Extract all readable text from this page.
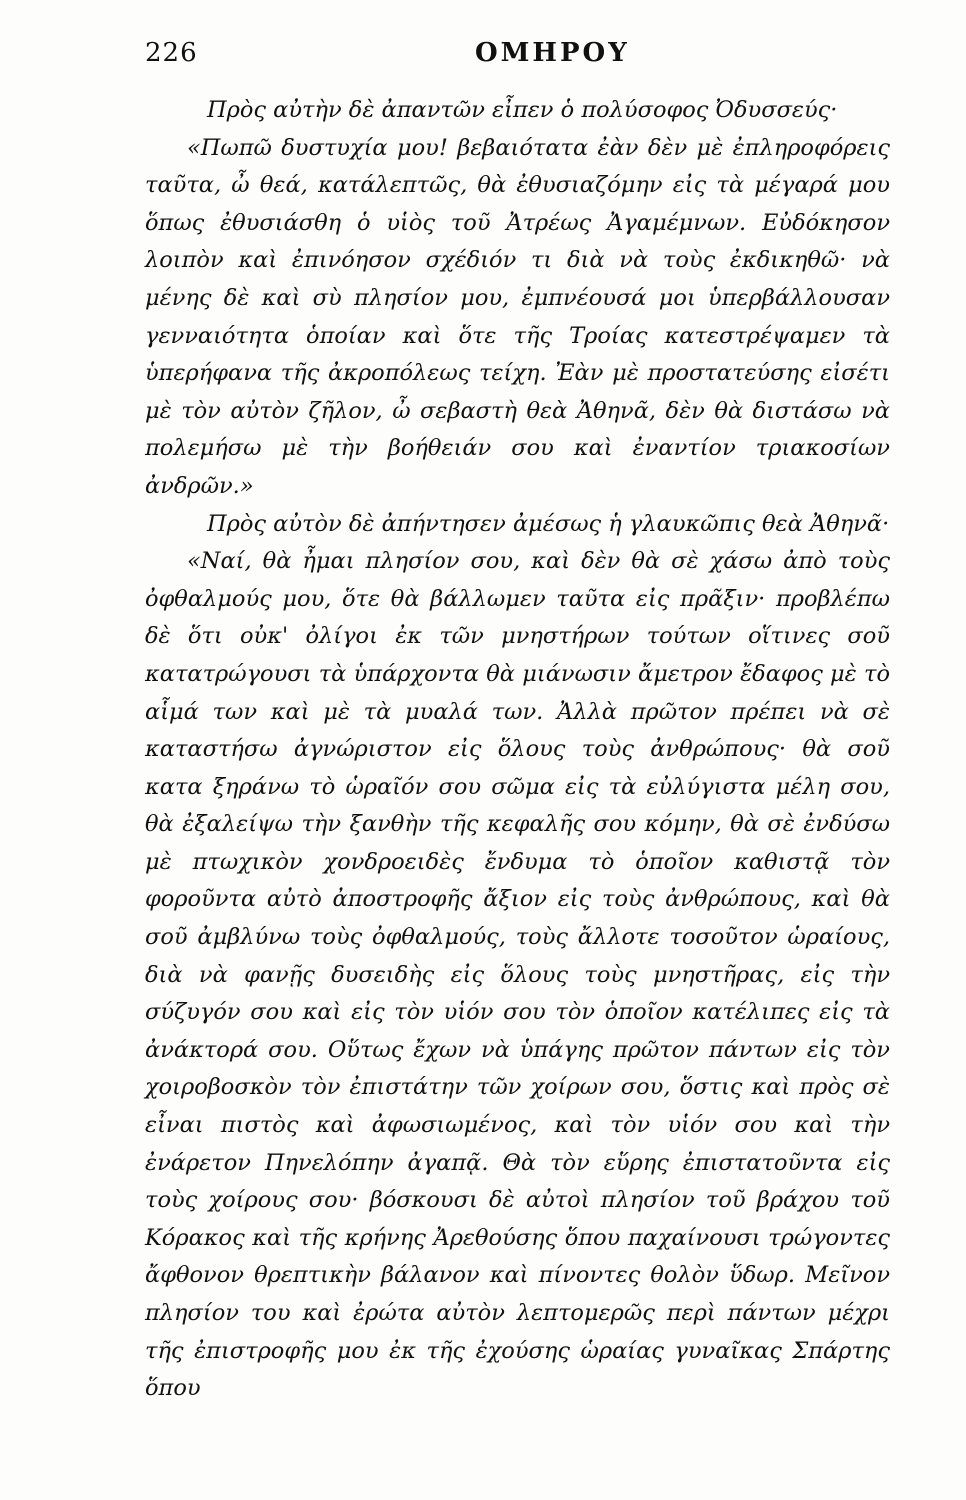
226	ΟΜΗΡΟΥ

Πρὸς αὐτὴν δὲ ἀπαντῶν εἶπεν ὁ πολύσοφος Ὀδυσσεύς·

«Πωπῶ δυστυχία μου! βεβαιότατα ἐὰν δὲν μὲ ἐπληροφόρεις ταῦτα, ὦ θεά, κατάλεπτῶς, θὰ ἐθυσιαζόμην εἰς τὰ μέγαρά μου ὅπως ἐθυσιάσθη ὁ υἱὸς τοῦ Ἀτρέως Ἀγαμέμνων. Εὐδόκησον λοιπὸν καὶ ἐπινόησον σχέδιόν τι διὰ νὰ τοὺς ἐκδικηθῶ· νὰ μένης δὲ καὶ σὺ πλησίον μου, ἐμπνέουσά μοι ὑπερβάλλουσαν γενναιότητα ὁποίαν καὶ ὅτε τῆς Τροίας κατεστρέψαμεν τὰ ὑπερήφανα τῆς ἀκροπόλεως τείχη. Ἐὰν μὲ προστατεύσης εἰσέτι μὲ τὸν αὐτὸν ζῆλον, ὦ σεβαστὴ θεὰ Ἀθηνᾶ, δὲν θὰ διστάσω νὰ πολεμήσω μὲ τὴν βοήθειάν σου καὶ ἐναντίον τριακοσίων ἀνδρῶν.»

Πρὸς αὐτὸν δὲ ἀπήντησεν ἀμέσως ἡ γλαυκῶπις θεὰ Ἀθηνᾶ·

«Ναί, θὰ ἦμαι πλησίον σου, καὶ δὲν θὰ σὲ χάσω ἀπὸ τοὺς ὀφθαλμούς μου, ὅτε θὰ βάλλωμεν ταῦτα εἰς πρᾶξιν· προβλέπω δὲ ὅτι οὐκ' ὀλίγοι ἐκ τῶν μνηστήρων τούτων οἵτινες σοῦ κατατρώγουσι τὰ ὑπάρχοντα θὰ μιάνωσιν ἄμετρον ἔδαφος μὲ τὸ αἷμά των καὶ μὲ τὰ μυαλά των. Ἀλλὰ πρῶτον πρέπει νὰ σὲ καταστήσω ἀγνώριστον εἰς ὅλους τοὺς ἀνθρώπους· θὰ σοῦ κατα ξηράνω τὸ ὡραῖόν σου σῶμα εἰς τὰ εὐλύγιστα μέλη σου, θὰ ἐξαλείψω τὴν ξανθὴν τῆς κεφαλῆς σου κόμην, θὰ σὲ ἐνδύσω μὲ πτωχικὸν χονδροειδὲς ἔνδυμα τὸ ὁποῖον καθιστᾷ τὸν φοροῦντα αὐτὸ ἀποστροφῆς ἄξιον εἰς τοὺς ἀνθρώπους, καὶ θὰ σοῦ ἀμβλύνω τοὺς ὀφθαλμούς, τοὺς ἄλλοτε τοσοῦτον ὡραίους, διὰ νὰ φανῇς δυσειδὴς εἰς ὅλους τοὺς μνηστῆρας, εἰς τὴν σύζυγόν σου καὶ εἰς τὸν υἱόν σου τὸν ὁποῖον κατέλιπες εἰς τὰ ἀνάκτορά σου. Οὕτως ἔχων νὰ ὑπάγης πρῶτον πάντων εἰς τὸν χοιροβοσκὸν τὸν ἐπιστάτην τῶν χοίρων σου, ὅστις καὶ πρὸς σὲ εἶναι πιστὸς καὶ ἀφωσιωμένος, καὶ τὸν υἱόν σου καὶ τὴν ἐνάρετον Πηνελόπην ἀγαπᾷ. Θὰ τὸν εὕρης ἐπιστατοῦντα εἰς τοὺς χοίρους σου· βόσκουσι δὲ αὐτοὶ πλησίον τοῦ βράχου τοῦ Κόρακος καὶ τῆς κρήνης Ἀρεθούσης ὅπου παχαίνουσι τρώγοντες ἄφθονον θρεπτικὴν βάλανον καὶ πίνοντες θολὸν ὕδωρ. Μεῖνον πλησίον του καὶ ἐρώτα αὐτὸν λεπτομερῶς περὶ πάντων μέχρι τῆς ἐπιστροφῆς μου ἐκ τῆς ἐχούσης ὡραίας γυναῖκας Σπάρτης ὅπου
